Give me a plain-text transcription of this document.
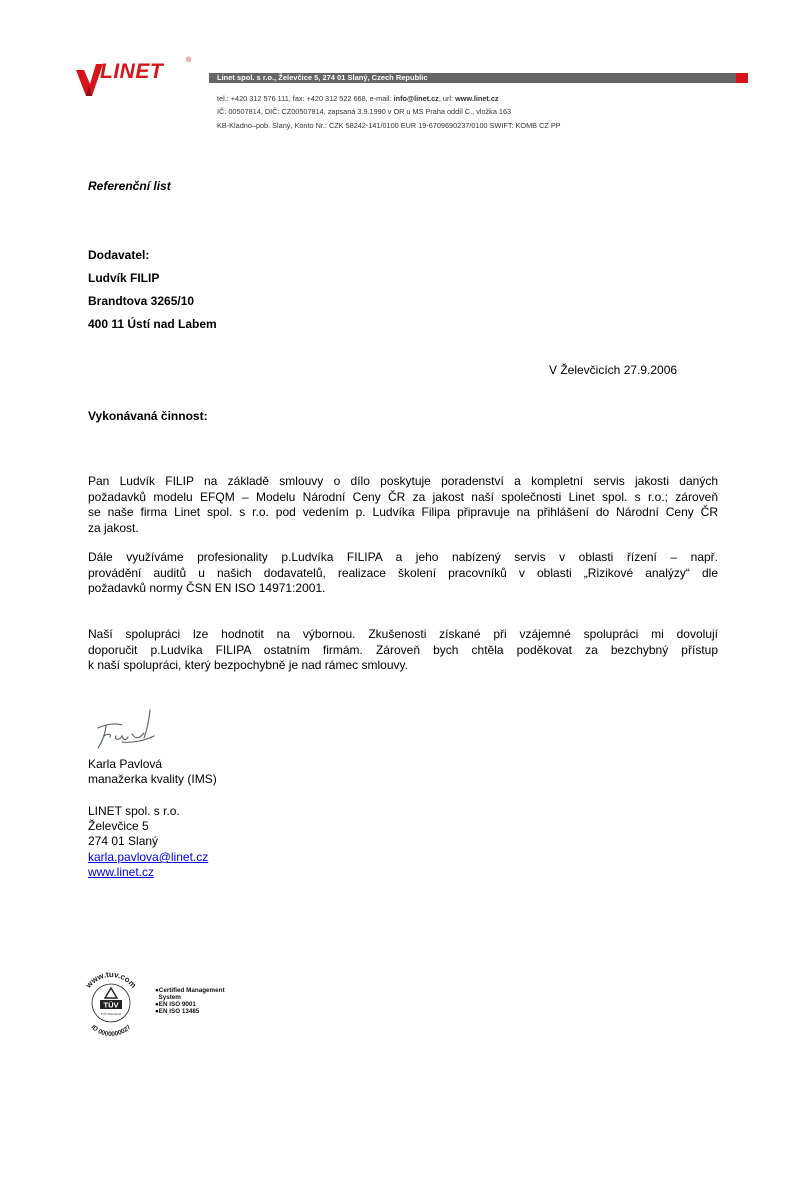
LINET	®
Linet spol. s r.o., Želevčice 5, 274 01 Slaný, Czech Republic
tel.: +420 312 576 111, fax: +420 312 522 668, e-mail: info@linet.cz, url: www.linet.cz
IČ: 00507814, DIČ: CZ00507814, zapsaná 3.9.1990 v OR u MS Praha oddíl C., vložka 163
KB-Kladno–pob. Slaný, Konto Nr.: CZK 58242-141/0100 EUR 19-6709690237/0100 SWIFT: KOMB CZ PP
Referenční list
Dodavatel:
Ludvík FILIP
Brandtova 3265/10
400 11 Ústí nad Labem
V Želevčicích 27.9.2006
Vykonávaná činnost:
Pan Ludvík FILIP na základě smlouvy o dílo poskytuje poradenství a kompletní servis jakosti daných
požadavků modelu EFQM – Modelu Národní Ceny ČR za jakost naší společnosti Linet spol. s r.o.; zároveň
se naše firma Linet spol. s r.o. pod vedením p. Ludvíka Filipa připravuje na přihlášení do Národní Ceny ČR
za jakost.
Dále využíváme profesionality p.Ludvíka FILIPA a jeho nabízený servis v oblasti řízení – např.
provádění auditů u našich dodavatelů, realizace školení pracovníků v oblasti „Rizikové analýzy“ dle
požadavků normy ČSN EN ISO 14971:2001.
Naší spolupráci lze hodnotit na výbornou. Zkušenosti získané při vzájemné spolupráci mi dovolují
doporučit p.Ludvíka FILIPA ostatním firmám. Zároveň bych chtěla poděkovat za bezchybný přístup
k naší spolupráci, který bezpochybně je nad rámec smlouvy.
Karla Pavlová
manažerka kvality (IMS)
LINET spol. s r.o.
Želevčice 5
274 01 Slaný
karla.pavlova@linet.cz
www.linet.cz
www.tuv.com
ID 0000000027
TÜV
TÜV Rheinland
●Certified Management
System
●EN ISO 9001
●EN ISO 13485
